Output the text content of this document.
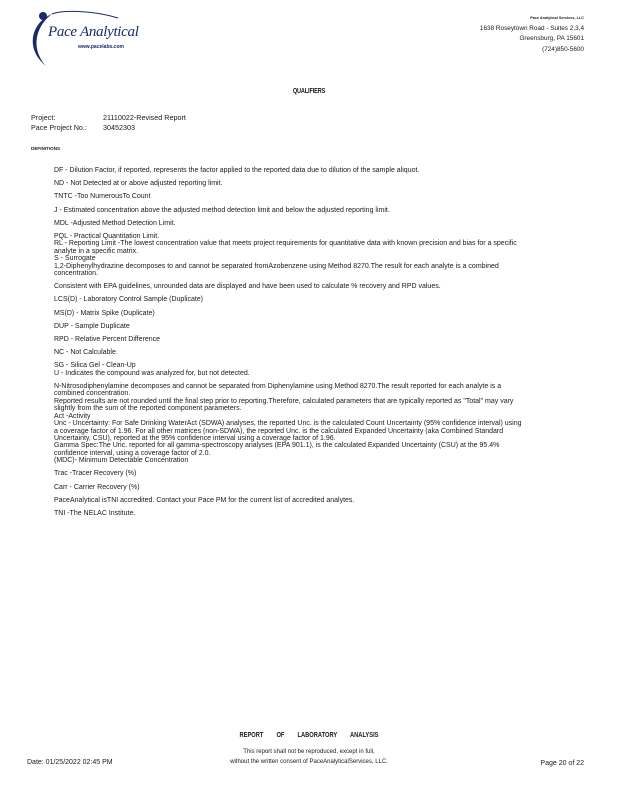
Pace Analytical
www.pacelabs.com
Pace Analytical Services, LLC
1638 Roseytown Road - Suites 2,3,4
Greensburg, PA 15601
(724)850-5600
QUALIFIERS
Project:	21110022-Revised Report
Pace Project No.: 30452303
DEFINITIONS

DF - Dilution Factor, if reported, represents the factor applied to the reported data due to dilution of the sample aliquot.

ND - Not Detected at or above adjusted reporting limit.

TNTC -Too NumerousTo Count

J - Estimated concentration above the adjusted method detection limit and below the adjusted reporting limit.

MDL -Adjusted Method Detection Limit.

PQL - Practical Quantitation Limit.

RL - Reporting Limit -The lowest concentration value that meets project requirements for quantitative data with known precision and bias for a specific analyte in a specific matrix.

S - Surrogate

1,2-Diphenylhydrazine decomposes to and cannot be separated fromAzobenzene using Method 8270.The result for each analyte is a combined concentration.

Consistent with EPA guidelines, unrounded data are displayed and have been used to calculate % recovery and RPD values.

LCS(D) - Laboratory Control Sample (Duplicate)

MS(D) - Matrix Spike (Duplicate)

DUP - Sample Duplicate

RPD - Relative Percent Difference

NC - Not Calculable.

SG - Silica Gel - Clean-Up

U - Indicates the compound was analyzed for, but not detected.

N-Nitrosodiphenylamine decomposes and cannot be separated from Diphenylamine using Method 8270.The result reported for each analyte is a combined concentration.

Reported results are not rounded until the final step prior to reporting.Therefore, calculated parameters that are typically reported as "Total" may vary slightly from the sum of the reported component parameters.

Act -Activity

Unc - Uncertainty: For Safe Drinking WaterAct (SDWA) analyses, the reported Unc. is the calculated Count Uncertainty (95% confidence interval) using a coverage factor of 1.96. For all other matrices (non-SDWA), the reported Unc. is the calculated Expanded Uncertainty (aka Combined Standard Uncertainty, CSU), reported at the 95% confidence interval using a coverage factor of 1.96.

Gamma Spec:The Unc. reported for all gamma-spectroscopy analyses (EPA 901.1), is the calculated Expanded Uncertainty (CSU) at the 95.4% confidence interval, using a coverage factor of 2.0.

(MDC)- Minimum Detectable Concentration

Trac -Tracer Recovery (%)

Carr - Carrier Recovery (%)

PaceAnalytical isTNI accredited. Contact your Pace PM for the current list of accredited analytes.

TNI -The NELAC Institute.

REPORT OF LABORATORY ANALYSIS
This report shall not be reproduced, except in full,
without the written consent of PaceAnalyticalServices, LLC.
Date: 01/25/2022 02:45 PM	Page 20 of 22
